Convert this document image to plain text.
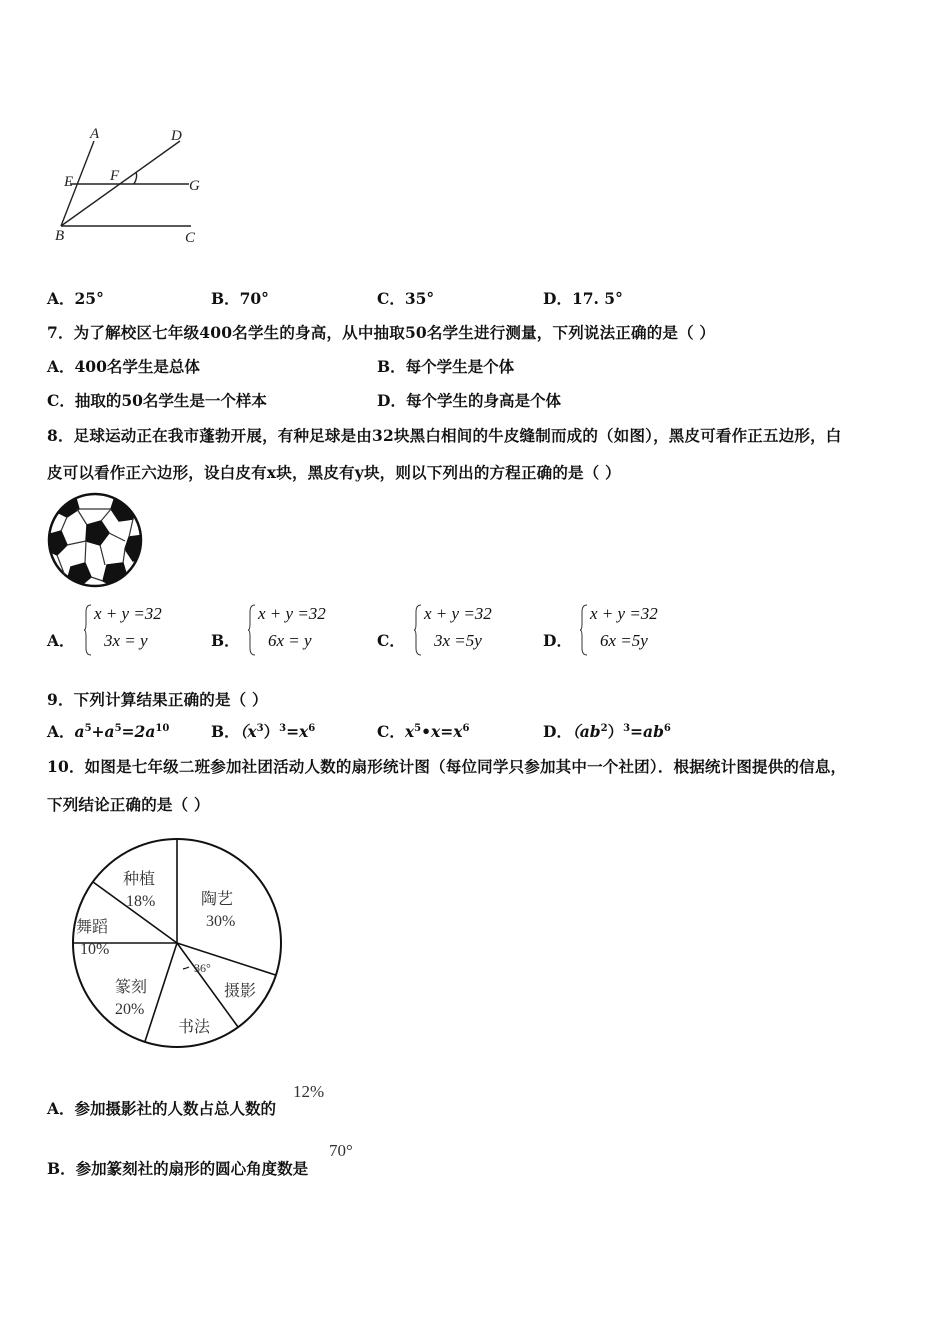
A	D
E F
G
B	C
A．25°	B．70°	C．35°	D．17. 5°
7．为了解校区七年级400名学生的身高，从中抽取50名学生进行测量，下列说法正确的是（ ）
A．400名学生是总体	B．每个学生是个体
C．抽取的50名学生是一个样本	D．每个学生的身高是个体
8．足球运动正在我市蓬勃开展，有种足球是由32块黑白相间的牛皮缝制而成的（如图），黑皮可看作正五边形，白
皮可以看作正六边形，设白皮有x块，黑皮有y块，则以下列出的方程正确的是（ ）
A．
x + y =32
3x = y	B．
x + y =32
6x = y	C．
x + y =32
3x =5y	D．
x + y =32
6x =5y
9．下列计算结果正确的是（ ）
A．$a^5+a^5=2a^{10}$	B．$(x^3)^3=x^6$	C．$x^5•x=x^6$	D．$(ab^2)^3=ab^6$
10．如图是七年级二班参加社团活动人数的扇形统计图（每位同学只参加其中一个社团）．根据统计图提供的信息，
下列结论正确的是（ ）
陶艺
30%
摄影
书法
篆刻
20%
舞蹈
10%
种植
18%
36°
A．参加摄影社的人数占总人数的
12%
B．参加篆刻社的扇形的圆心角度数是
70°
